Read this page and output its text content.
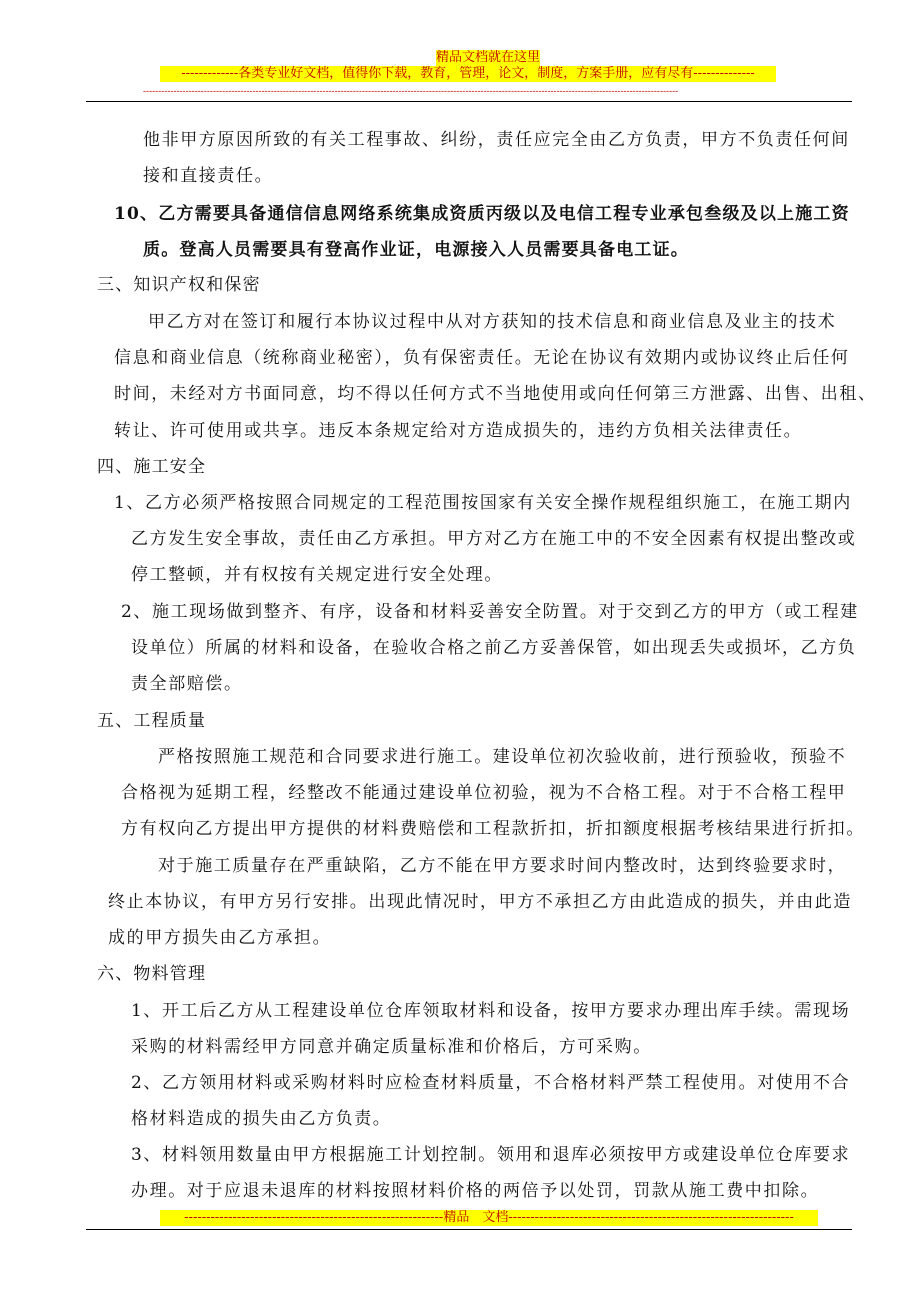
精品文档就在这里
-------------各类专业好文档，值得你下载，教育，管理，论文，制度，方案手册，应有尽有--------------
--------------------------------------------------------------------------------------------------------------------------------------------------------------------------------
他非甲方原因所致的有关工程事故、纠纷，责任应完全由乙方负责，甲方不负责任何间
接和直接责任。
10、乙方需要具备通信信息网络系统集成资质丙级以及电信工程专业承包叁级及以上施工资
质。登高人员需要具有登高作业证，电源接入人员需要具备电工证。
三、知识产权和保密
甲乙方对在签订和履行本协议过程中从对方获知的技术信息和商业信息及业主的技术
信息和商业信息（统称商业秘密），负有保密责任。无论在协议有效期内或协议终止后任何
时间，未经对方书面同意，均不得以任何方式不当地使用或向任何第三方泄露、出售、出租、
转让、许可使用或共享。违反本条规定给对方造成损失的，违约方负相关法律责任。
四、施工安全
1、乙方必须严格按照合同规定的工程范围按国家有关安全操作规程组织施工，在施工期内
乙方发生安全事故，责任由乙方承担。甲方对乙方在施工中的不安全因素有权提出整改或
停工整顿，并有权按有关规定进行安全处理。
2、施工现场做到整齐、有序，设备和材料妥善安全防置。对于交到乙方的甲方（或工程建
设单位）所属的材料和设备，在验收合格之前乙方妥善保管，如出现丢失或损坏，乙方负
责全部赔偿。
五、工程质量
严格按照施工规范和合同要求进行施工。建设单位初次验收前，进行预验收，预验不
合格视为延期工程，经整改不能通过建设单位初验，视为不合格工程。对于不合格工程甲
方有权向乙方提出甲方提供的材料费赔偿和工程款折扣，折扣额度根据考核结果进行折扣。
对于施工质量存在严重缺陷，乙方不能在甲方要求时间内整改时，达到终验要求时，
终止本协议，有甲方另行安排。出现此情况时，甲方不承担乙方由此造成的损失，并由此造
成的甲方损失由乙方承担。
六、物料管理
1、开工后乙方从工程建设单位仓库领取材料和设备，按甲方要求办理出库手续。需现场
采购的材料需经甲方同意并确定质量标准和价格后，方可采购。
2、乙方领用材料或采购材料时应检查材料质量，不合格材料严禁工程使用。对使用不合
格材料造成的损失由乙方负责。
3、材料领用数量由甲方根据施工计划控制。领用和退库必须按甲方或建设单位仓库要求
办理。对于应退未退库的材料按照材料价格的两倍予以处罚，罚款从施工费中扣除。
-----------------------------------------------------------精品　文档-----------------------------------------------------------------
